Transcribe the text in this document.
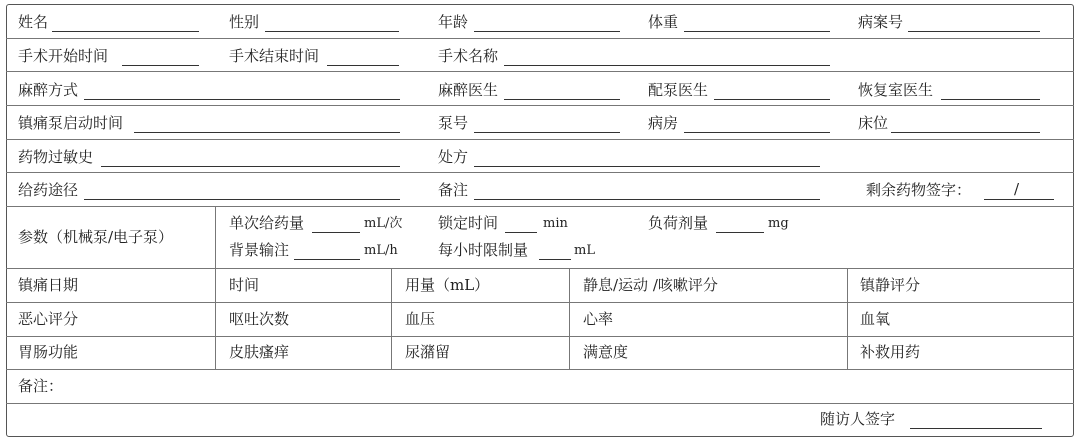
姓名	性别	年龄	体重	病案号
手术开始时间	手术结束时间	手术名称
麻醉方式	麻醉医生	配泵医生	恢复室医生
镇痛泵启动时间	泵号	病房	床位
药物过敏史	处方
给药途径	备注	剩余药物签字：	/
参数（机械泵/电子泵）
单次给药量	mL/次 锁定时间	min	负荷剂量	mg
背景输注	mL/h	每小时限制量	mL
镇痛日期	时间	用量（mL）	静息/运动 /咳嗽评分	镇静评分
恶心评分	呕吐次数	血压	心率	血氧
胃肠功能	皮肤瘙痒	尿潴留	满意度	补救用药
备注：
随访人签字
